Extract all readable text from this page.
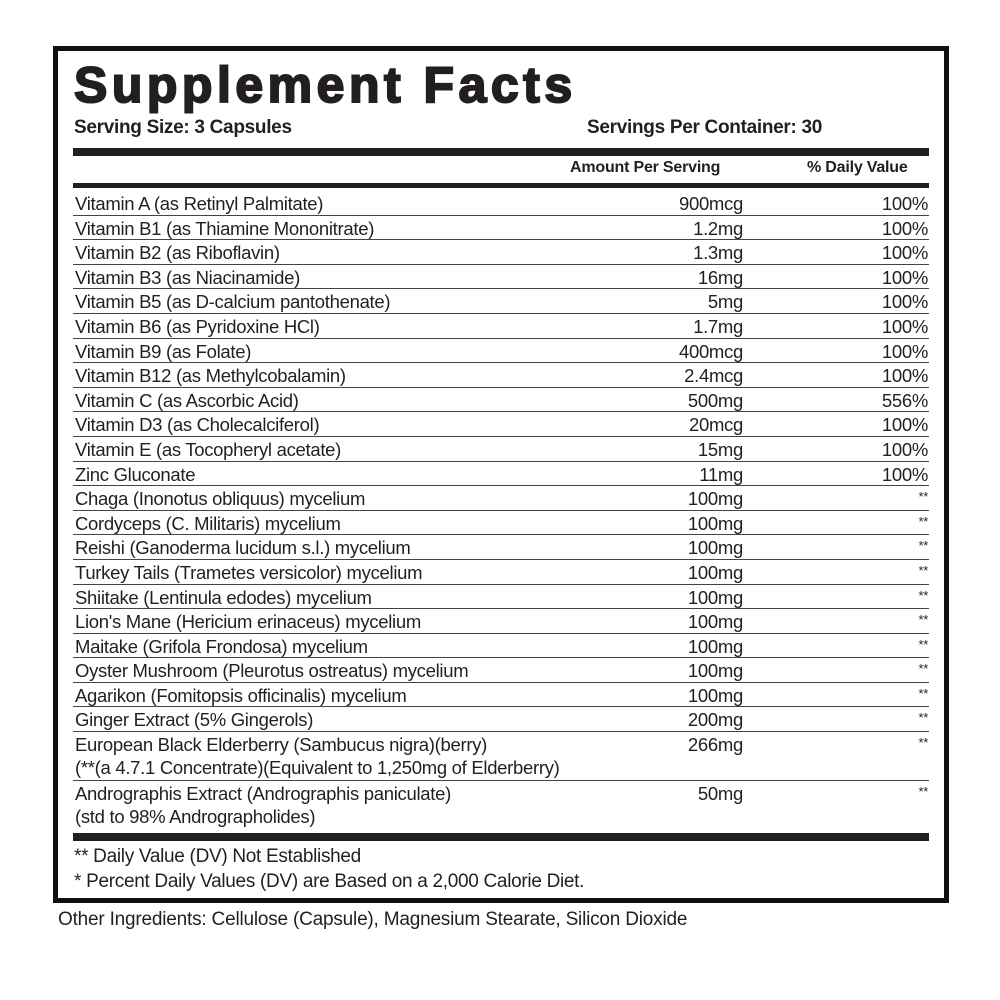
Supplement Facts
Serving Size: 3 Capsules	Servings Per Container: 30
Amount Per Serving	% Daily Value
Vitamin A (as Retinyl Palmitate)	900mcg	100%
Vitamin B1 (as Thiamine Mononitrate)	1.2mg	100%
Vitamin B2 (as Riboflavin)	1.3mg	100%
Vitamin B3 (as Niacinamide)	16mg	100%
Vitamin B5 (as D-calcium pantothenate)	5mg	100%
Vitamin B6 (as Pyridoxine HCl)	1.7mg	100%
Vitamin B9 (as Folate)	400mcg	100%
Vitamin B12 (as Methylcobalamin)	2.4mcg	100%
Vitamin C (as Ascorbic Acid)	500mg	556%
Vitamin D3 (as Cholecalciferol)	20mcg	100%
Vitamin E (as Tocopheryl acetate)	15mg	100%
Zinc Gluconate	11mg	100%
Chaga (Inonotus obliquus) mycelium	100mg	**
Cordyceps (C. Militaris) mycelium	100mg	**
Reishi (Ganoderma lucidum s.l.) mycelium	100mg	**
Turkey Tails (Trametes versicolor) mycelium	100mg	**
Shiitake (Lentinula edodes) mycelium	100mg	**
Lion's Mane (Hericium erinaceus) mycelium	100mg	**
Maitake (Grifola Frondosa) mycelium	100mg	**
Oyster Mushroom (Pleurotus ostreatus) mycelium	100mg	**
Agarikon (Fomitopsis officinalis) mycelium	100mg	**
Ginger Extract (5% Gingerols)	200mg	**
European Black Elderberry (Sambucus nigra)(berry)
(**(a 4.7.1 Concentrate)(Equivalent to 1,250mg of Elderberry)
266mg	**
Andrographis Extract (Andrographis paniculate)
(std to 98% Andrographolides)
50mg	**
** Daily Value (DV) Not Established
* Percent Daily Values (DV) are Based on a 2,000 Calorie Diet.
Other Ingredients: Cellulose (Capsule), Magnesium Stearate, Silicon Dioxide
